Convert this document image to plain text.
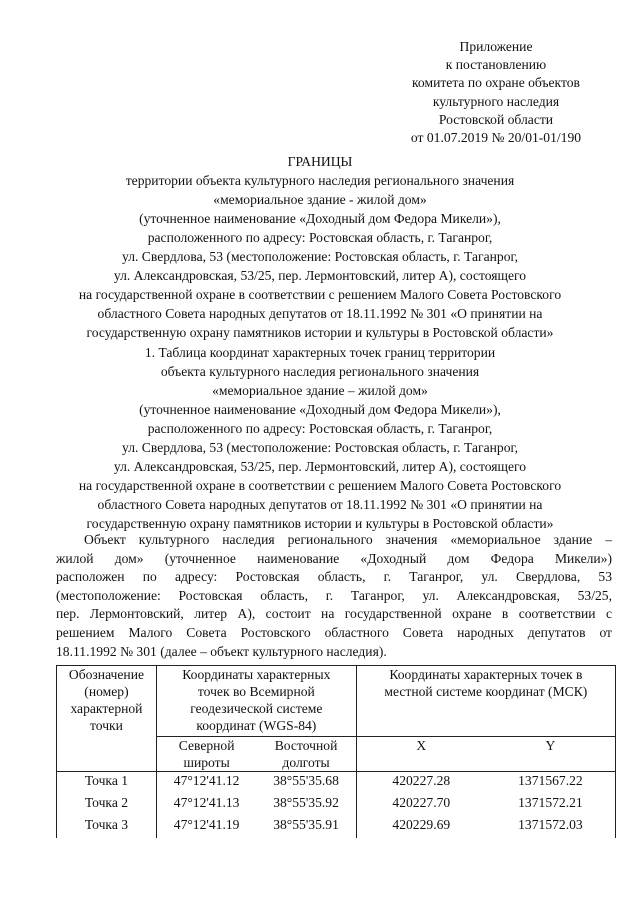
Приложение
к постановлению
комитета по охране объектов
культурного наследия
Ростовской области
от 01.07.2019 № 20/01-01/190
ГРАНИЦЫ
территории объекта культурного наследия регионального значения
«мемориальное здание - жилой дом»
(уточненное наименование «Доходный дом Федора Микели»),
расположенного по адресу: Ростовская область, г. Таганрог,
ул. Свердлова, 53 (местоположение: Ростовская область, г. Таганрог,
ул. Александровская, 53/25, пер. Лермонтовский, литер А), состоящего
на государственной охране в соответствии с решением Малого Совета Ростовского
областного Совета народных депутатов от 18.11.1992 № 301 «О принятии на
государственную охрану памятников истории и культуры в Ростовской области»
1. Таблица координат характерных точек границ территории
объекта культурного наследия регионального значения
«мемориальное здание – жилой дом»
(уточненное наименование «Доходный дом Федора Микели»),
расположенного по адресу: Ростовская область, г. Таганрог,
ул. Свердлова, 53 (местоположение: Ростовская область, г. Таганрог,
ул. Александровская, 53/25, пер. Лермонтовский, литер А), состоящего
на государственной охране в соответствии с решением Малого Совета Ростовского
областного Совета народных депутатов от 18.11.1992 № 301 «О принятии на
государственную охрану памятников истории и культуры в Ростовской области»
Объект культурного наследия регионального значения «мемориальное здание –
жилой дом» (уточненное наименование «Доходный дом Федора Микели»)
расположен по адресу: Ростовская область, г. Таганрог, ул. Свердлова, 53
(местоположение: Ростовская область, г. Таганрог, ул. Александровская, 53/25,
пер. Лермонтовский, литер А), состоит на государственной охране в соответствии с
решением Малого Совета Ростовского областного Совета народных депутатов от
18.11.1992 № 301 (далее – объект культурного наследия).
Обозначение (номер) характерной точки	Координаты характерных точек во Всемирной геодезической системе координат (WGS-84)		Координаты характерных точек в местной системе координат (МСК)	
	Северной широты	Восточной долготы	X	Y
Точка 1	47°12'41.12	38°55'35.68	420227.28	1371567.22
Точка 2	47°12'41.13	38°55'35.92	420227.70	1371572.21
Точка 3	47°12'41.19	38°55'35.91	420229.69	1371572.03
